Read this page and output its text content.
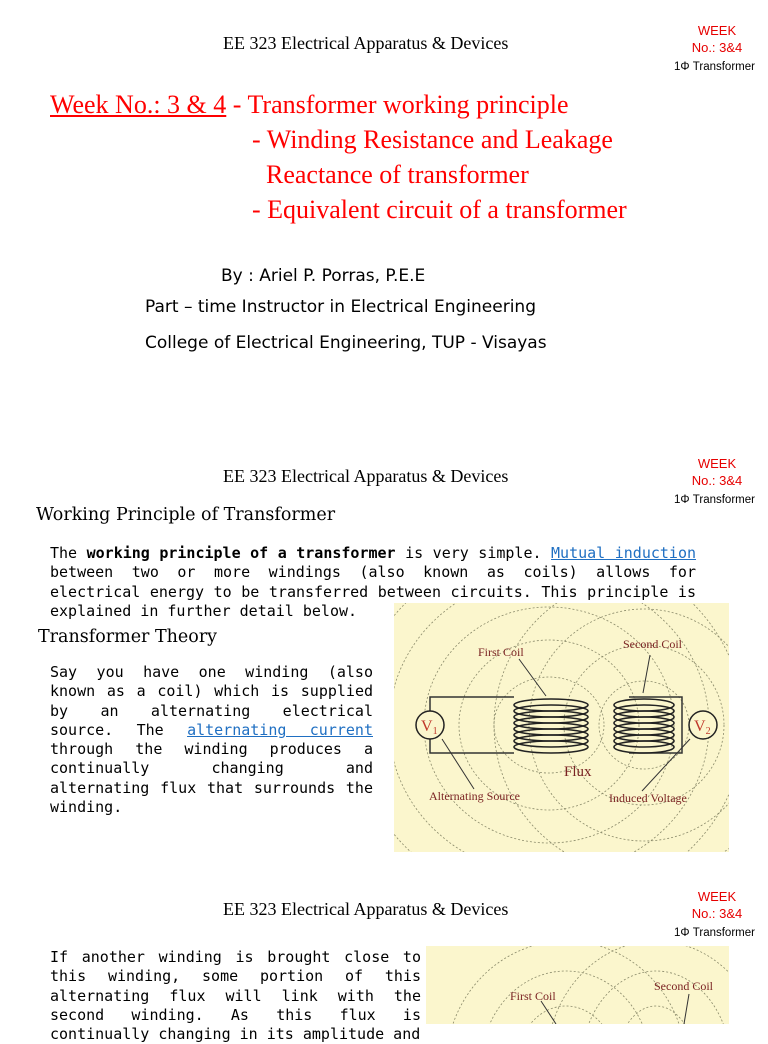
EE 323 Electrical Apparatus & Devices
WEEK
No.: 3&4
1Φ Transformer
Week No.: 3 & 4 - Transformer working principle
- Winding Resistance and Leakage
Reactance of transformer
- Equivalent circuit of a transformer
By : Ariel P. Porras, P.E.E
Part – time Instructor in Electrical Engineering
College of Electrical Engineering, TUP - Visayas
EE 323 Electrical Apparatus & Devices
WEEK
No.: 3&4
1Φ Transformer
Working Principle of Transformer
The working principle of a transformer is very simple. Mutual induction between two or more windings (also known as coils) allows for electrical energy to be transferred between circuits. This principle is explained in further detail below.
Transformer Theory
Say you have one winding (also known as a coil) which is supplied by an alternating electrical source. The alternating current through the winding produces a continually changing and alternating flux that surrounds the winding.
V1	V2
First Coil
Second Coil
Flux
Alternating Source	Induced Voltage
EE 323 Electrical Apparatus & Devices
WEEK
No.: 3&4
1Φ Transformer
If another winding is brought close to this winding, some portion of this alternating flux will link with the second winding. As this flux is continually changing in its amplitude and
First Coil
Second Coil
